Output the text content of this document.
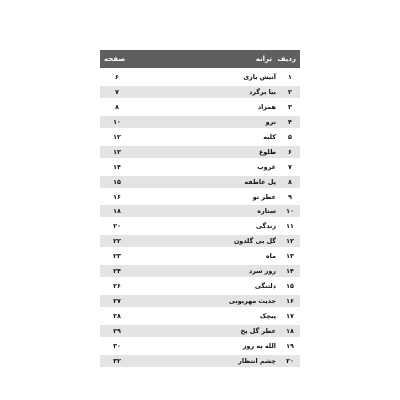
ردیف
ترانه
صفحه
۱
آتیش بازی
۶
۲
بیا برگرد
۷
۳
همزاد
۸
۴
نرو
۱۰
۵
کلبه
۱۲
۶
طلوع
۱۳
۷
غروب
۱۴
۸
پل عاطفه
۱۵
۹
عطر تو
۱۶
۱۰
ستاره
۱۸
۱۱
زندگی
۲۰
۱۲
گل بی گلدون
۲۲
۱۳
ماه
۲۳
۱۴
روز سرد
۲۴
۱۵
دلتنگی
۲۶
۱۶
حدیث مهربونی
۲۷
۱۷
پیچک
۲۸
۱۸
عطر گل یخ
۲۹
۱۹
الله یه روز
۳۰
۲۰
چشم انتظار
۳۲
